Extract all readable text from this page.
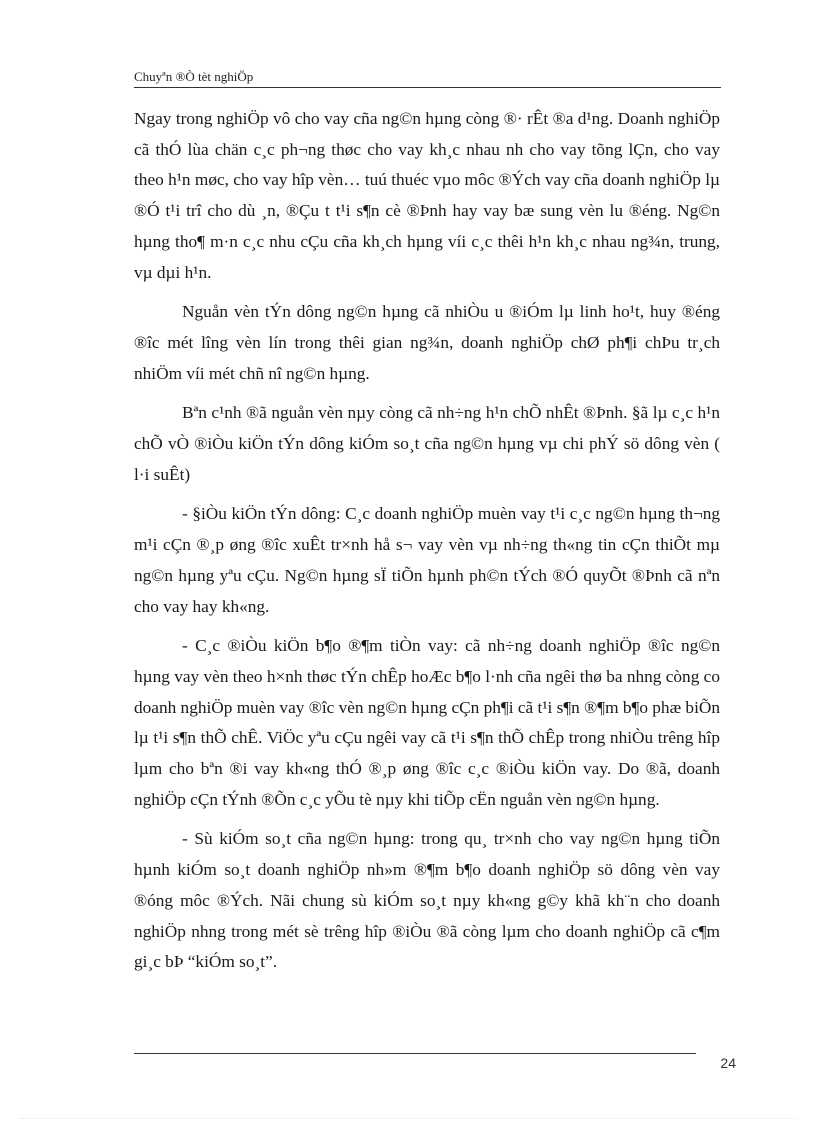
Chuyªn ®Ò tèt nghiÖp

Ngay trong nghiÖp vô cho vay cña ng©n hµng còng ®· rÊt ®a d¹ng. Doanh nghiÖp cã thÓ lùa chän c¸c ph¬ng thøc cho vay kh¸c nhau nh cho vay tõng lÇn, cho vay theo h¹n møc, cho vay hîp vèn… tuú thuéc vµo môc ®Ých vay cña doanh nghiÖp lµ ®Ó t¹i trî cho dù ¸n, ®Çu t t¹i s¶n cè ®Þnh hay vay bæ sung vèn lu ®éng. Ng©n hµng tho¶ m·n c¸c nhu cÇu cña kh¸ch hµng víi c¸c thêi h¹n kh¸c nhau ng¾n, trung, vµ dµi h¹n.

Nguån vèn tÝn dông ng©n hµng cã nhiÒu u ®iÓm lµ linh ho¹t, huy ®éng ®îc mét lîng vèn lín trong thêi gian ng¾n, doanh nghiÖp chØ ph¶i chÞu tr¸ch nhiÖm víi mét chñ nî ng©n hµng.

Bªn c¹nh ®ã nguån vèn nµy còng cã nh÷ng h¹n chÕ nhÊt ®Þnh. §ã lµ c¸c h¹n chÕ vÒ ®iÒu kiÖn tÝn dông kiÓm so¸t cña ng©n hµng vµ chi phÝ sö dông vèn ( l·i suÊt)

- §iÒu kiÖn tÝn dông: C¸c doanh nghiÖp muèn vay t¹i c¸c ng©n hµng th¬ng m¹i cÇn ®¸p øng ®îc xuÊt tr×nh hå s¬ vay vèn vµ nh÷ng th«ng tin cÇn thiÕt mµ ng©n hµng yªu cÇu. Ng©n hµng sÏ tiÕn hµnh ph©n tÝch ®Ó quyÕt ®Þnh cã nªn cho vay hay kh«ng.

- C¸c ®iÒu kiÖn b¶o ®¶m tiÒn vay: cã nh÷ng doanh nghiÖp ®îc ng©n hµng vay vèn theo h×nh thøc tÝn chÊp hoÆc b¶o l·nh cña ngêi thø ba nhng còng co doanh nghiÖp muèn vay ®îc vèn ng©n hµng cÇn ph¶i cã t¹i s¶n ®¶m b¶o phæ biÕn lµ t¹i s¶n thÕ chÊ. ViÖc yªu cÇu ngêi vay cã t¹i s¶n thÕ chÊp trong nhiÒu trêng hîp lµm cho bªn ®i vay kh«ng thÓ ®¸p øng ®îc c¸c ®iÒu kiÖn vay. Do ®ã, doanh nghiÖp cÇn tÝnh ®Õn c¸c yÕu tè nµy khi tiÕp cËn nguån vèn ng©n hµng.

- Sù kiÓm so¸t cña ng©n hµng: trong qu¸ tr×nh cho vay ng©n hµng tiÕn hµnh kiÓm so¸t doanh nghiÖp nh»m ®¶m b¶o doanh nghiÖp sö dông vèn vay ®óng môc ®Ých. Nãi chung sù kiÓm so¸t nµy kh«ng g©y khã kh¨n cho doanh nghiÖp nhng trong mét sè trêng hîp ®iÒu ®ã còng lµm cho doanh nghiÖp cã c¶m gi¸c bÞ “kiÓm so¸t”.

24
